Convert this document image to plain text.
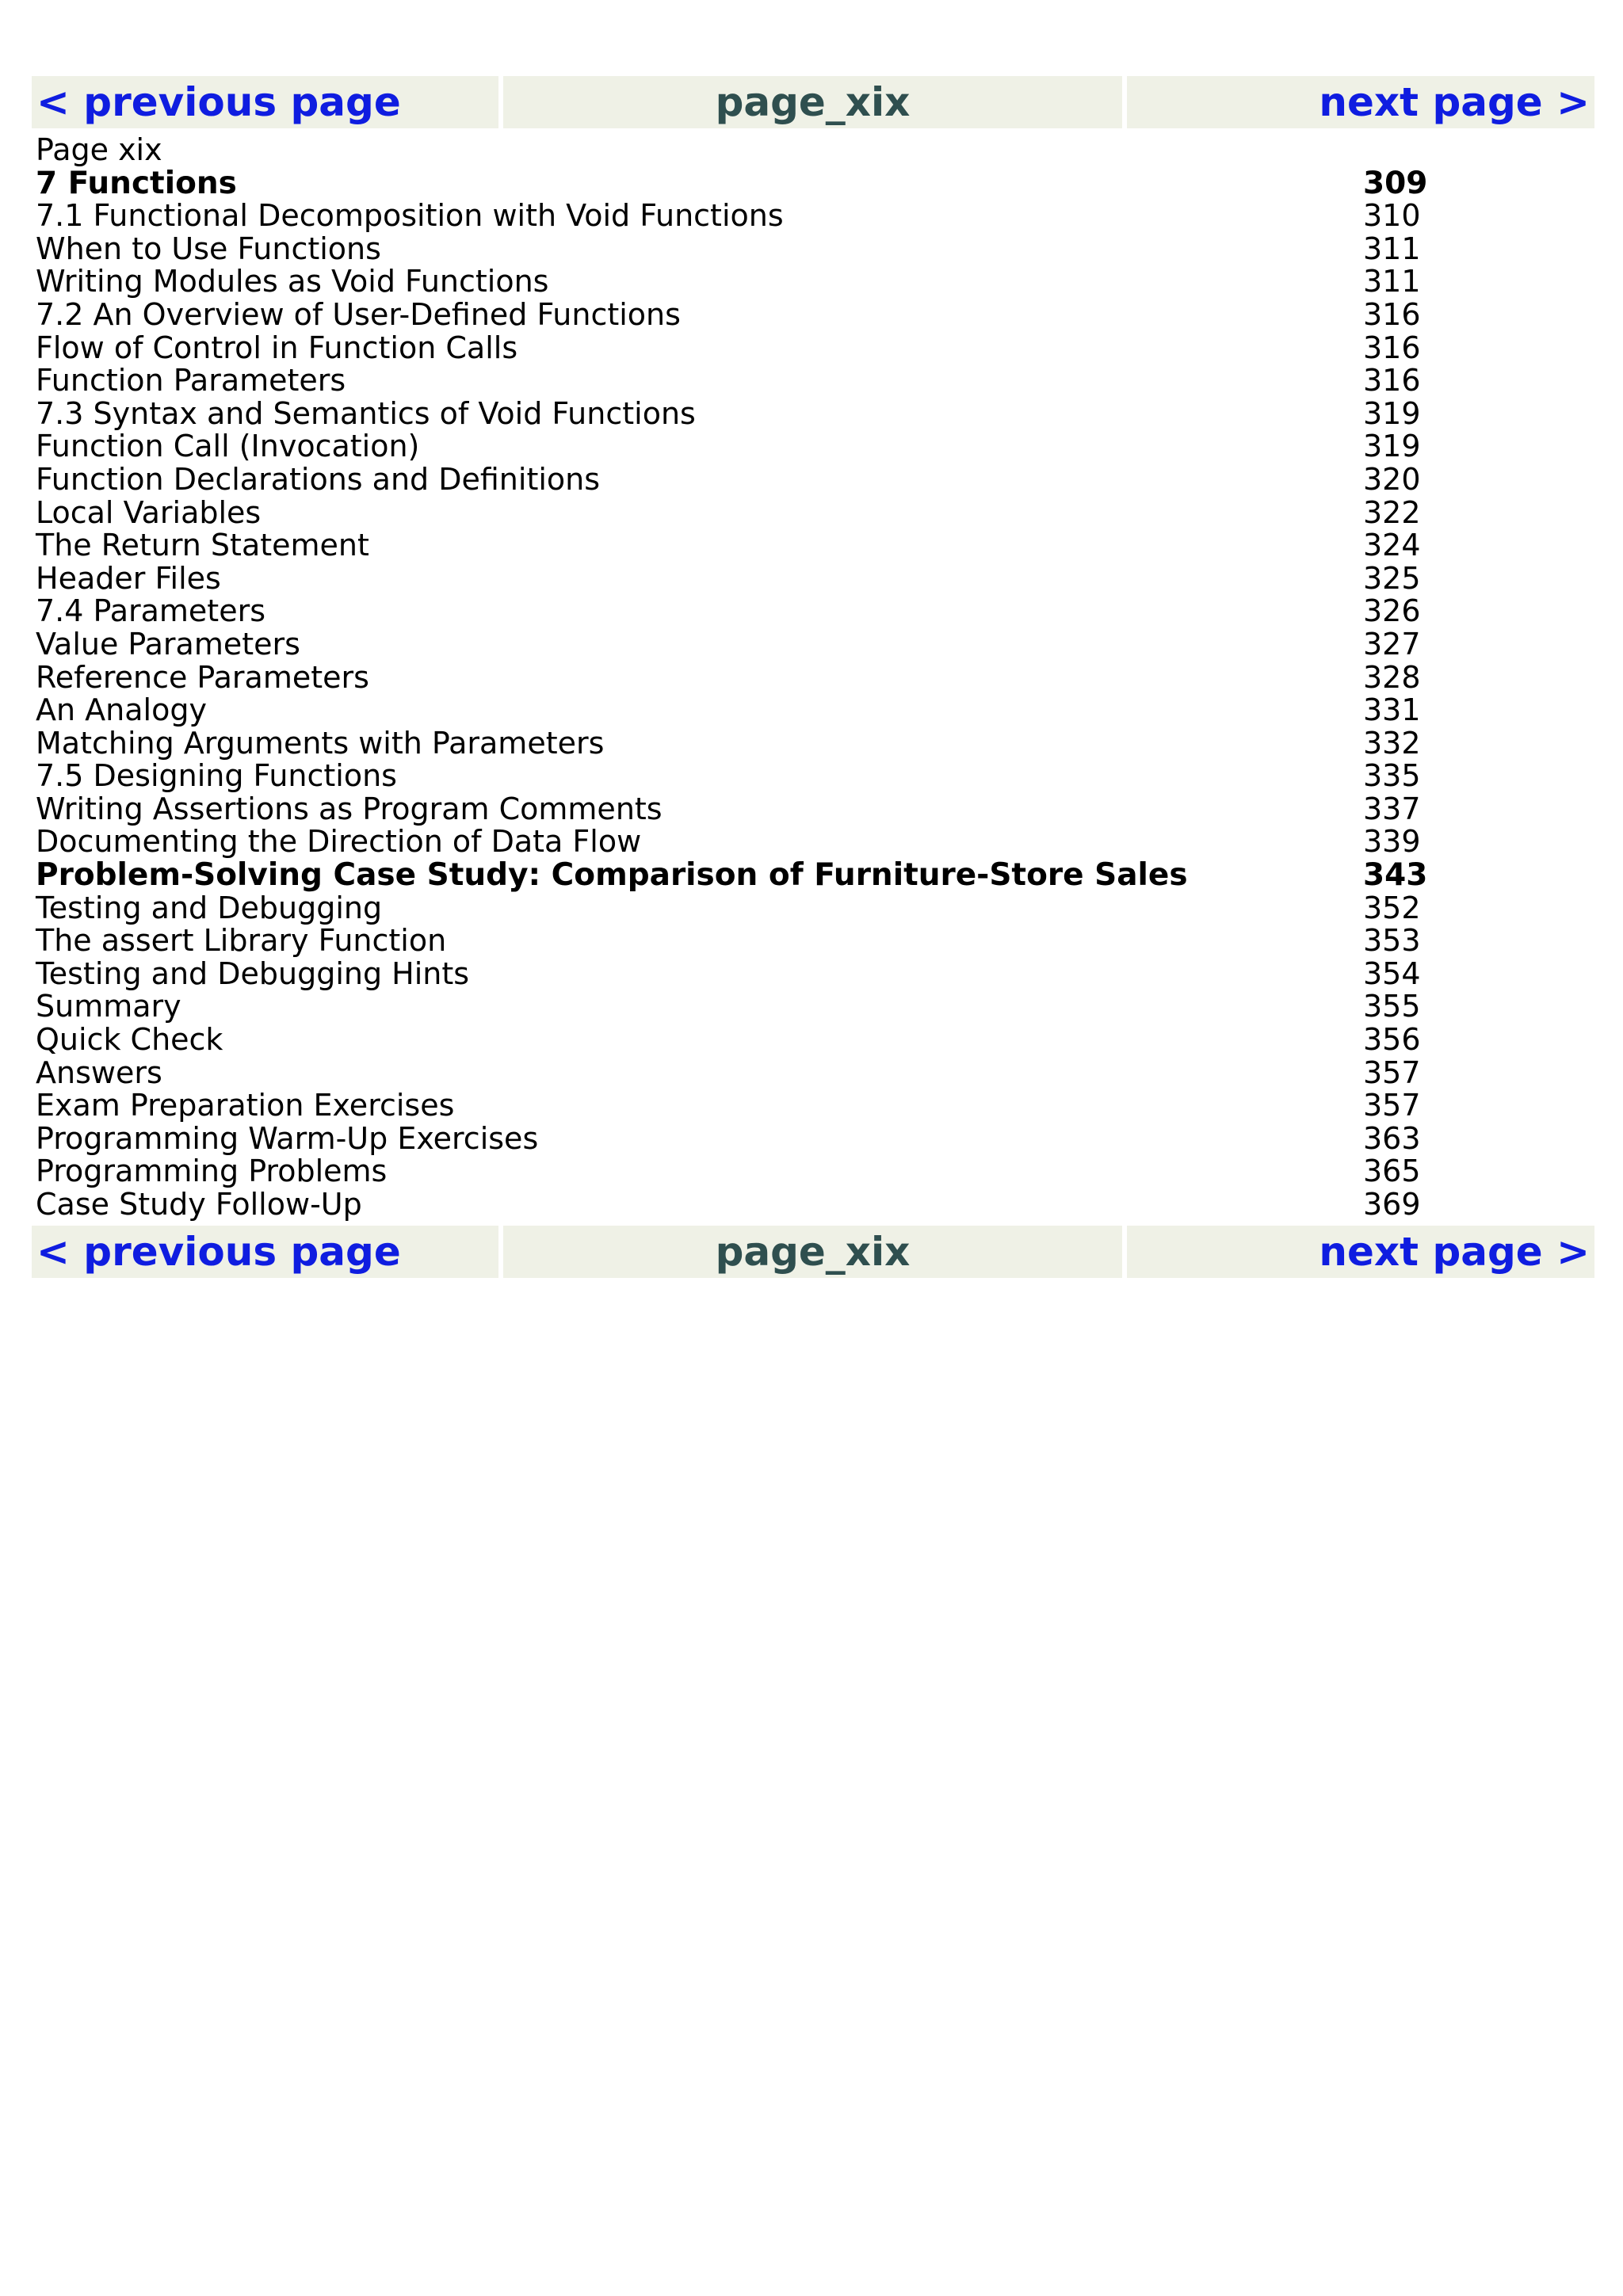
< previous page	page_xix	next page >
Page xix
7 Functions	309
7.1 Functional Decomposition with Void Functions	310
When to Use Functions	311
Writing Modules as Void Functions	311
7.2 An Overview of User-Defined Functions	316
Flow of Control in Function Calls	316
Function Parameters	316
7.3 Syntax and Semantics of Void Functions	319
Function Call (Invocation)	319
Function Declarations and Definitions	320
Local Variables	322
The Return Statement	324
Header Files	325
7.4 Parameters	326
Value Parameters	327
Reference Parameters	328
An Analogy	331
Matching Arguments with Parameters	332
7.5 Designing Functions	335
Writing Assertions as Program Comments	337
Documenting the Direction of Data Flow	339
Problem-Solving Case Study: Comparison of Furniture-Store Sales	343
Testing and Debugging	352
The assert Library Function	353
Testing and Debugging Hints	354
Summary	355
Quick Check	356
Answers	357
Exam Preparation Exercises	357
Programming Warm-Up Exercises	363
Programming Problems	365
Case Study Follow-Up	369
< previous page	page_xix	next page >
